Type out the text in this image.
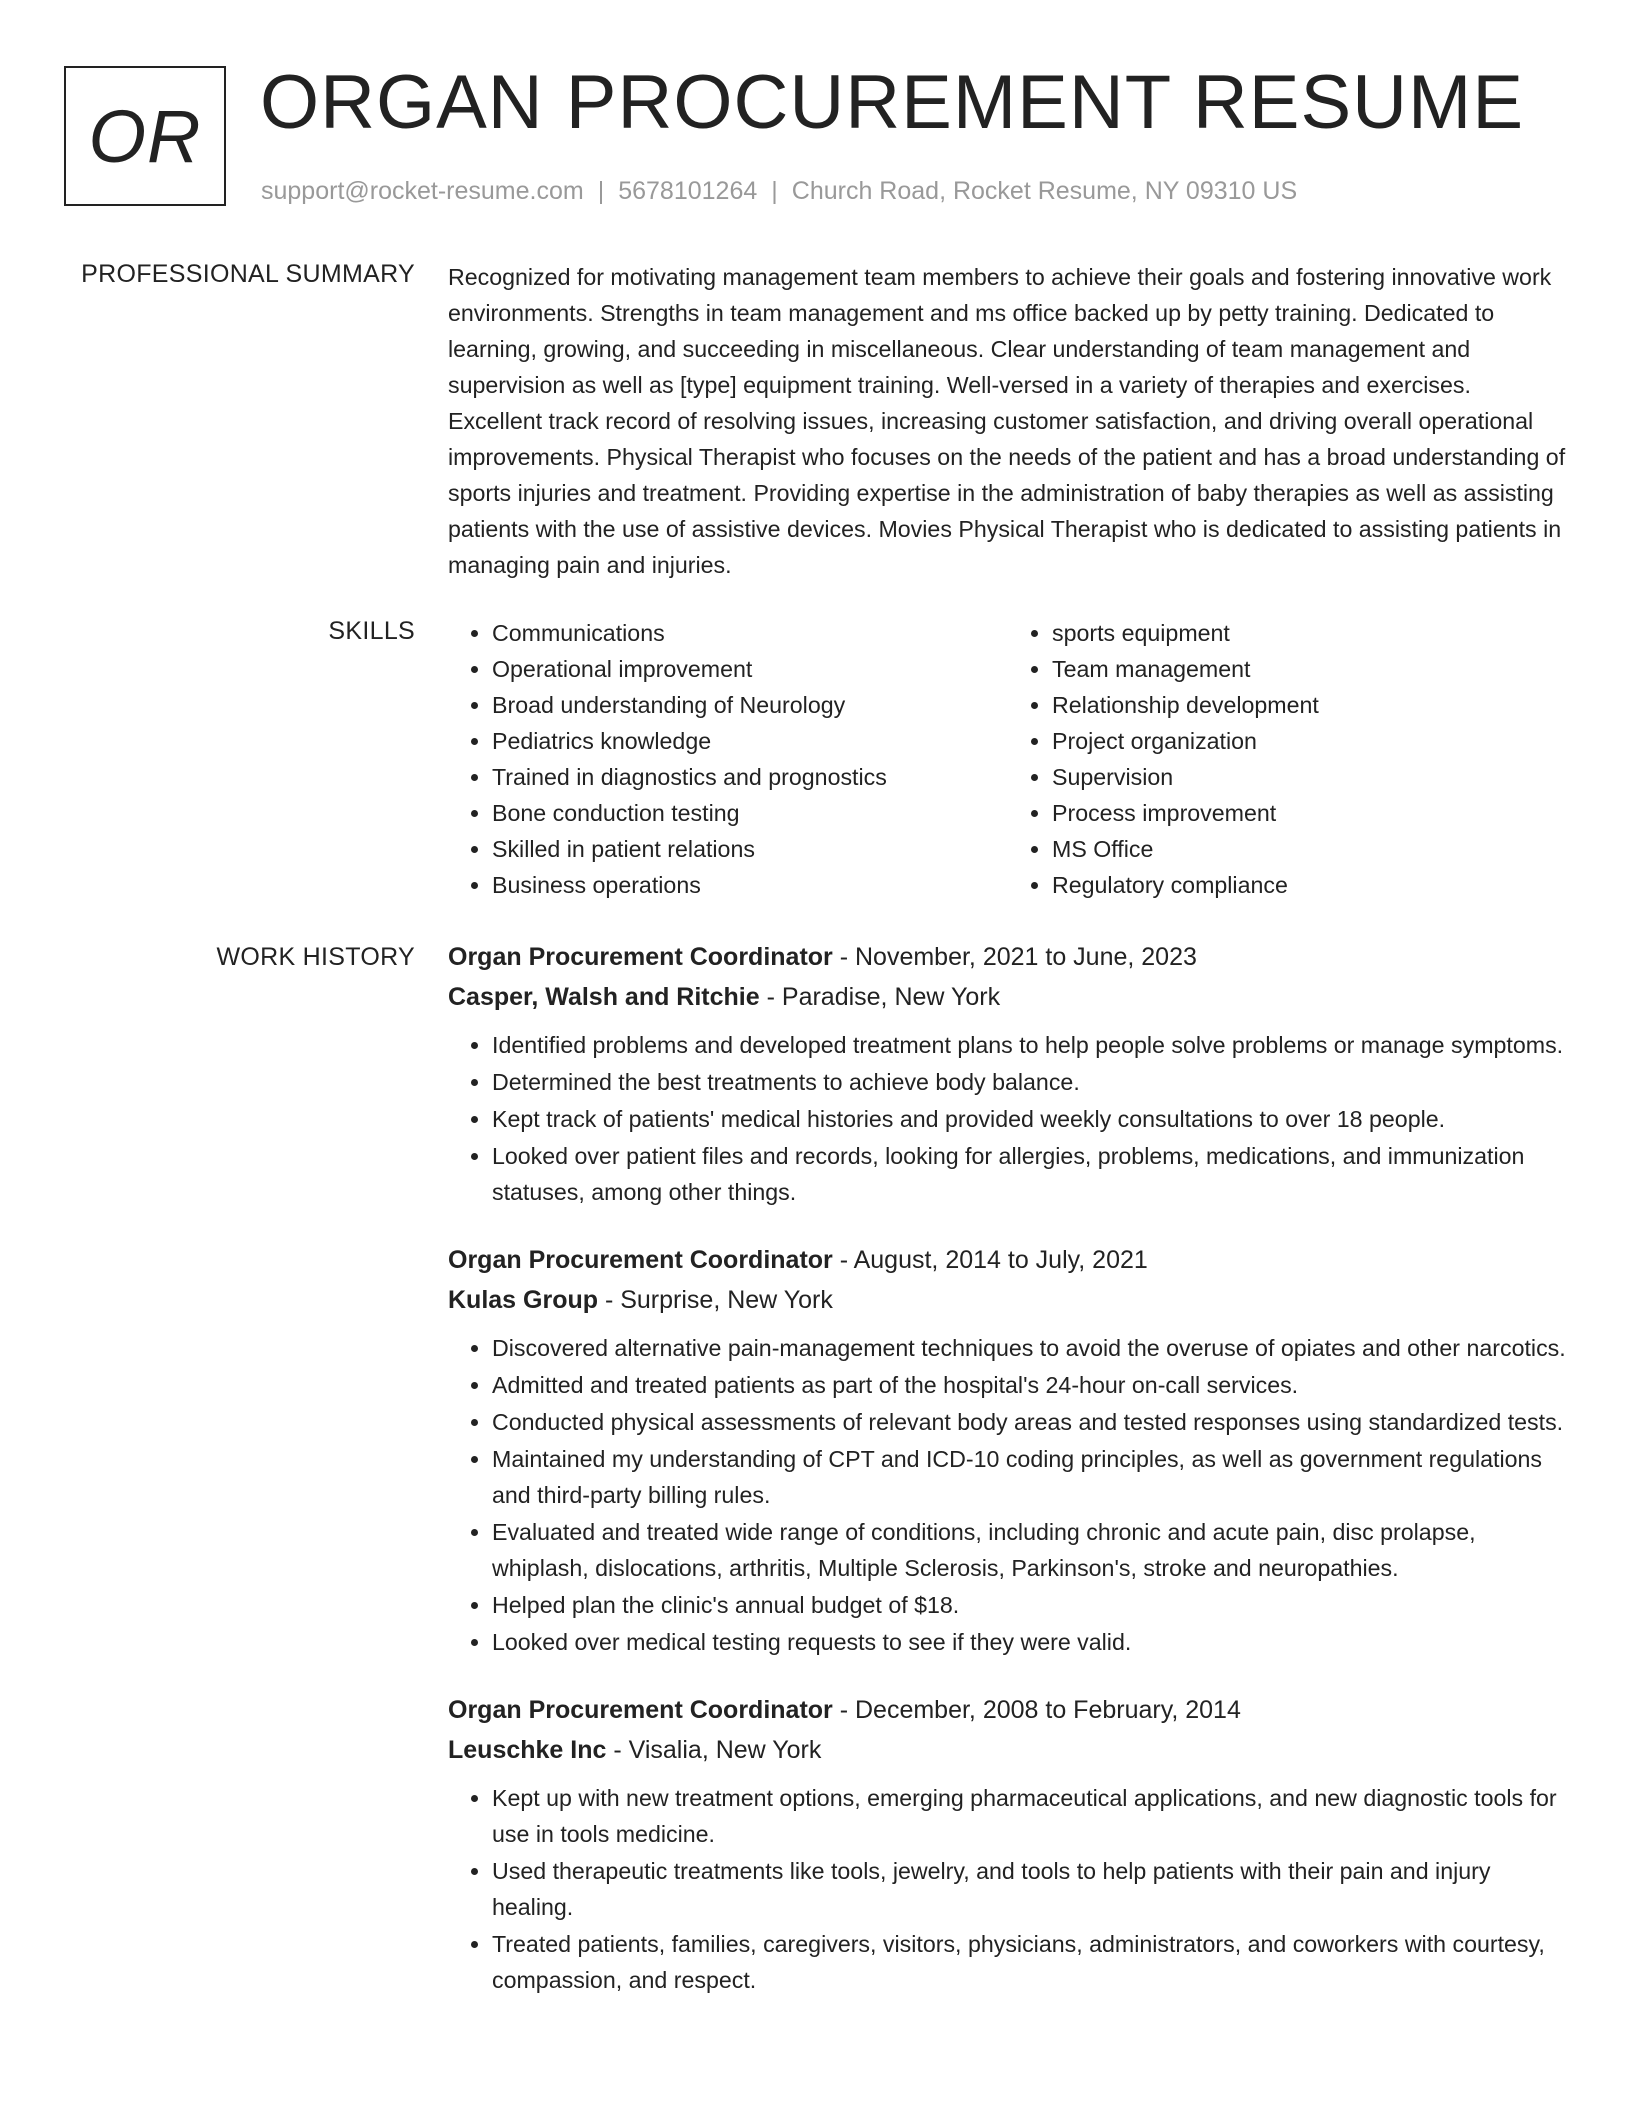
OR ORGAN PROCUREMENT RESUME
support@rocket-resume.com | 5678101264 | Church Road, Rocket Resume, NY 09310 US
PROFESSIONAL SUMMARY Recognized for motivating management team members to achieve their goals and fostering innovative work environments. Strengths in team management and ms office backed up by petty training. Dedicated to learning, growing, and succeeding in miscellaneous. Clear understanding of team management and supervision as well as [type] equipment training. Well-versed in a variety of therapies and exercises. Excellent track record of resolving issues, increasing customer satisfaction, and driving overall operational improvements. Physical Therapist who focuses on the needs of the patient and has a broad understanding of sports injuries and treatment. Providing expertise in the administration of baby therapies as well as assisting patients with the use of assistive devices. Movies Physical Therapist who is dedicated to assisting patients in managing pain and injuries.

SKILLS
•	Communications
• Operational improvement
• Broad understanding of Neurology
• Pediatrics knowledge
• Trained in diagnostics and prognostics
• Bone conduction testing
• Skilled in patient relations
• Business operations
• sports equipment
• Team management
• Relationship development
• Project organization
• Supervision
• Process improvement
• MS Office
• Regulatory compliance
WORK HISTORY Organ Procurement Coordinator - November, 2021 to June, 2023
Casper, Walsh and Ritchie - Paradise, New York
• Identified problems and developed treatment plans to help people solve problems or manage symptoms.
• Determined the best treatments to achieve body balance.
• Kept track of patients' medical histories and provided weekly consultations to over 18 people.
• Looked over patient files and records, looking for allergies, problems, medications, and immunization statuses, among other things.
Organ Procurement Coordinator - August, 2014 to July, 2021
Kulas Group - Surprise, New York
• Discovered alternative pain-management techniques to avoid the overuse of opiates and other narcotics.
• Admitted and treated patients as part of the hospital's 24-hour on-call services.
• Conducted physical assessments of relevant body areas and tested responses using standardized tests.
• Maintained my understanding of CPT and ICD-10 coding principles, as well as government regulations and third-party billing rules.
• Evaluated and treated wide range of conditions, including chronic and acute pain, disc prolapse, whiplash, dislocations, arthritis, Multiple Sclerosis, Parkinson's, stroke and neuropathies.
• Helped plan the clinic's annual budget of $18.
• Looked over medical testing requests to see if they were valid.
Organ Procurement Coordinator - December, 2008 to February, 2014
Leuschke Inc - Visalia, New York
• Kept up with new treatment options, emerging pharmaceutical applications, and new diagnostic tools for use in tools medicine.
• Used therapeutic treatments like tools, jewelry, and tools to help patients with their pain and injury healing.
• Treated patients, families, caregivers, visitors, physicians, administrators, and coworkers with courtesy, compassion, and respect.
